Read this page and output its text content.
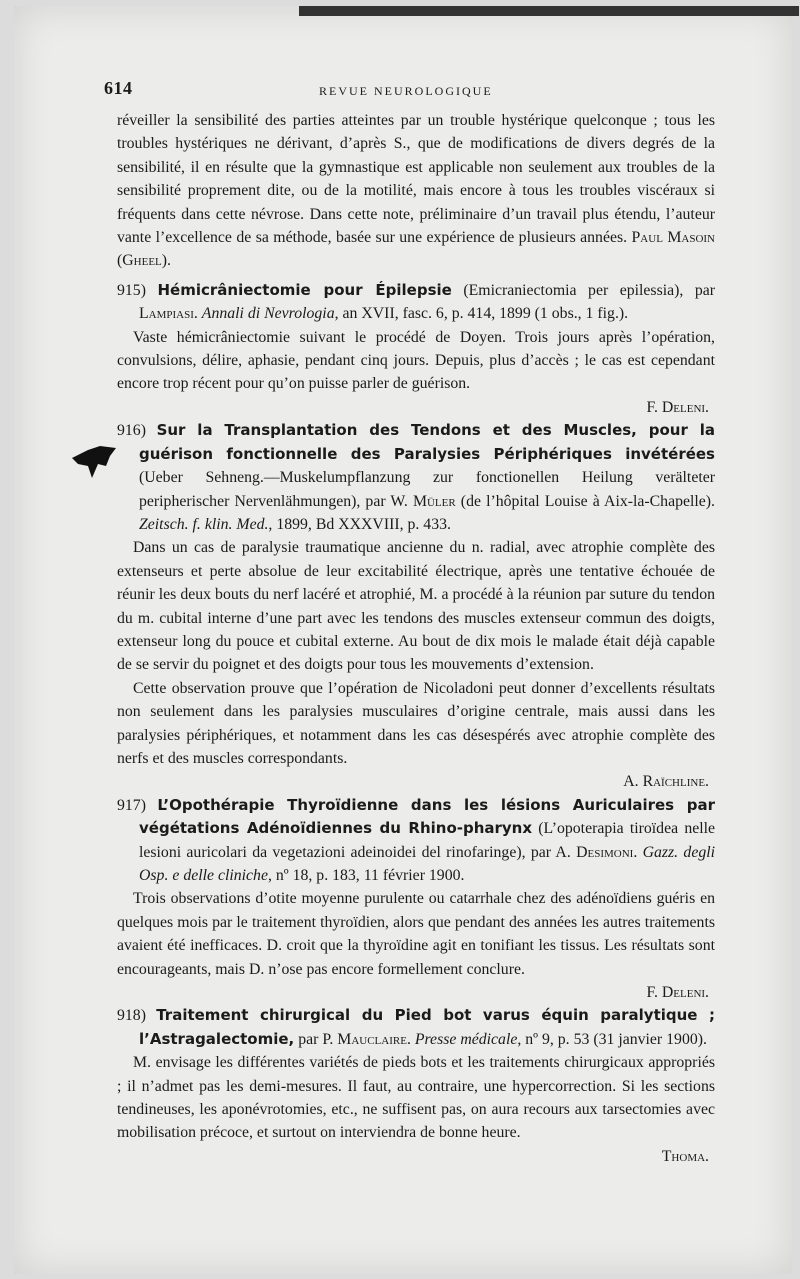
614	REVUE NEUROLOGIQUE

réveiller la sensibilité des parties atteintes par un trouble hystérique quelconque ; tous les troubles hystériques ne dérivant, d’après S., que de modifications de divers degrés de la sensibilité, il en résulte que la gymnastique est applicable non seulement aux troubles de la sensibilité proprement dite, ou de la motilité, mais encore à tous les troubles viscéraux si fréquents dans cette névrose. Dans cette note, préliminaire d’un travail plus étendu, l’auteur vante l’excellence de sa méthode, basée sur une expérience de plusieurs années. Paul Masoin (Gheel).

915) Hémicrâniectomie pour Épilepsie (Emicraniectomia per epilessia), par Lampiasi. Annali di Nevrologia, an XVII, fasc. 6, p. 414, 1899 (1 obs., 1 fig.).

Vaste hémicrâniectomie suivant le procédé de Doyen. Trois jours après l’opération, convulsions, délire, aphasie, pendant cinq jours. Depuis, plus d’accès ; le cas est cependant encore trop récent pour qu’on puisse parler de guérison.

F. Deleni.

916) Sur la Transplantation des Tendons et des Muscles, pour la guérison fonctionnelle des Paralysies Périphériques invétérées (Ueber Sehneng.—Muskelumpflanzung zur fonctionellen Heilung verälteter peripherischer Nervenlähmungen), par W. Müler (de l’hôpital Louise à Aix-la-Chapelle). Zeitsch. f. klin. Med., 1899, Bd XXXVIII, p. 433.

Dans un cas de paralysie traumatique ancienne du n. radial, avec atrophie complète des extenseurs et perte absolue de leur excitabilité électrique, après une tentative échouée de réunir les deux bouts du nerf lacéré et atrophié, M. a procédé à la réunion par suture du tendon du m. cubital interne d’une part avec les tendons des muscles extenseur commun des doigts, extenseur long du pouce et cubital externe. Au bout de dix mois le malade était déjà capable de se servir du poignet et des doigts pour tous les mouvements d’extension.

Cette observation prouve que l’opération de Nicoladoni peut donner d’excellents résultats non seulement dans les paralysies musculaires d’origine centrale, mais aussi dans les paralysies périphériques, et notamment dans les cas désespérés avec atrophie complète des nerfs et des muscles correspondants.

A. Raïchline.

917) L’Opothérapie Thyroïdienne dans les lésions Auriculaires par végétations Adénoïdiennes du Rhino-pharynx (L’opoterapia tiroïdea nelle lesioni auricolari da vegetazioni adeinoidei del rinofaringe), par A. Desimoni. Gazz. degli Osp. e delle cliniche, nº 18, p. 183, 11 février 1900.

Trois observations d’otite moyenne purulente ou catarrhale chez des adénoïdiens guéris en quelques mois par le traitement thyroïdien, alors que pendant des années les autres traitements avaient été inefficaces. D. croit que la thyroïdine agit en tonifiant les tissus. Les résultats sont encourageants, mais D. n’ose pas encore formellement conclure.

F. Deleni.

918) Traitement chirurgical du Pied bot varus équin paralytique ; l’Astragalectomie, par P. Mauclaire. Presse médicale, nº 9, p. 53 (31 janvier 1900).

M. envisage les différentes variétés de pieds bots et les traitements chirurgicaux appropriés ; il n’admet pas les demi-mesures. Il faut, au contraire, une hypercorrection. Si les sections tendineuses, les aponévrotomies, etc., ne suffisent pas, on aura recours aux tarsectomies avec mobilisation précoce, et surtout on interviendra de bonne heure.

Thoma.
